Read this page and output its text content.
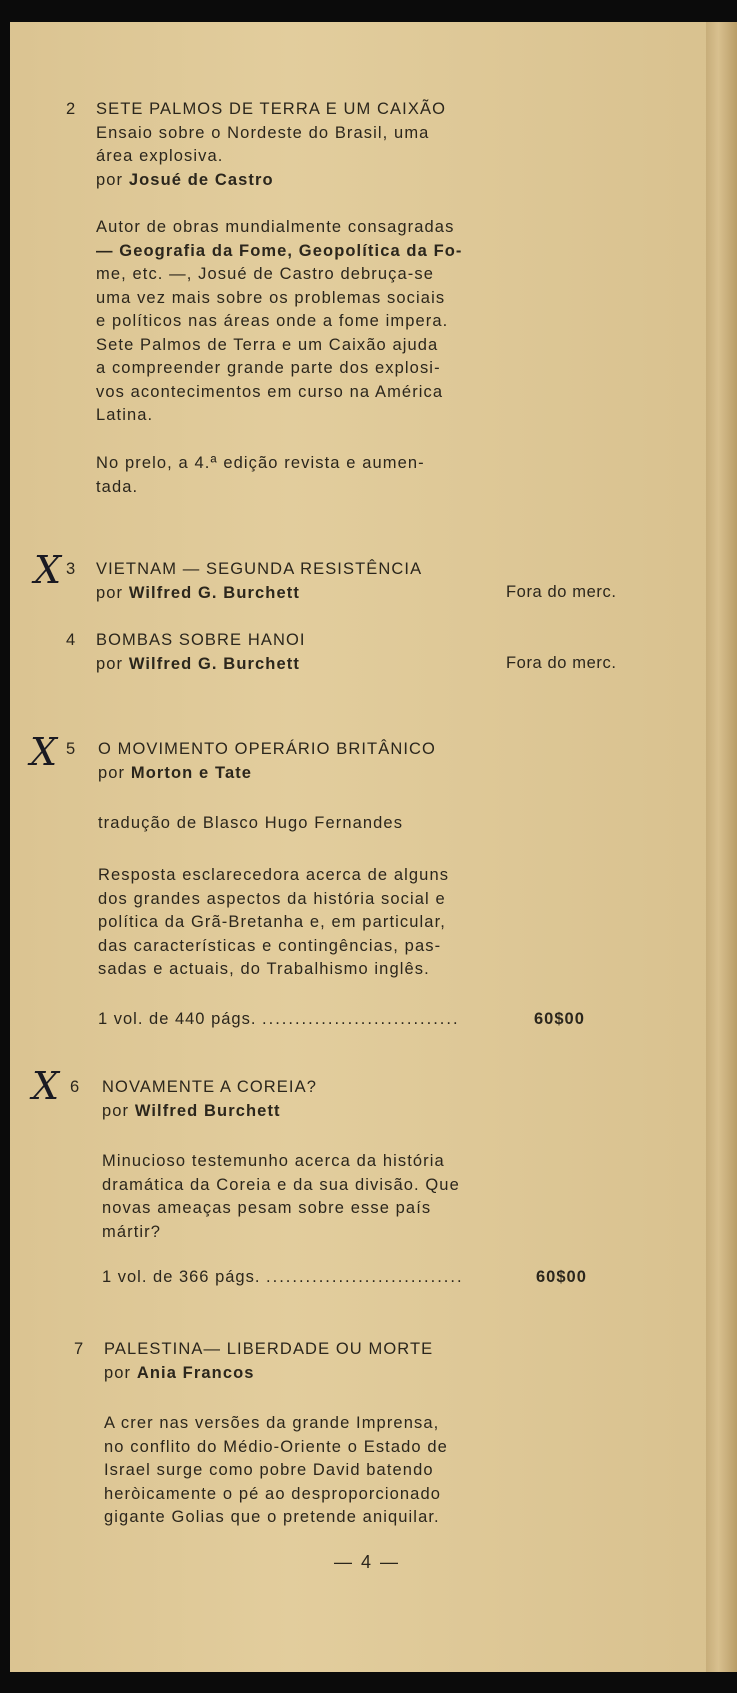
2 SETE PALMOS DE TERRA E UM CAIXÃO
Ensaio sobre o Nordeste do Brasil, uma
área explosiva.
por Josué de Castro
Autor de obras mundialmente consagradas
— Geografia da Fome, Geopolítica da Fo-
me, etc. —, Josué de Castro debruça-se
uma vez mais sobre os problemas sociais
e políticos nas áreas onde a fome impera.
Sete Palmos de Terra e um Caixão ajuda
a compreender grande parte dos explosi-
vos acontecimentos em curso na América
Latina.
No prelo, a 4.ª edição revista e aumen-
tada.
X 3 VIETNAM — SEGUNDA RESISTÊNCIA
por Wilfred G. Burchett	Fora do merc.
4 BOMBAS SOBRE HANOI
por Wilfred G. Burchett	Fora do merc.
X 5 O MOVIMENTO OPERÁRIO BRITÂNICO
por Morton e Tate
tradução de Blasco Hugo Fernandes
Resposta esclarecedora acerca de alguns
dos grandes aspectos da história social e
política da Grã-Bretanha e, em particular,
das características e contingências, pas-
sadas e actuais, do Trabalhismo inglês.
1 vol. de 440 págs. ..............................	60$00
X 6 NOVAMENTE A COREIA?
por Wilfred Burchett
Minucioso testemunho acerca da história
dramática da Coreia e da sua divisão. Que
novas ameaças pesam sobre esse país
mártir?
1 vol. de 366 págs. ..............................	60$00
7 PALESTINA— LIBERDADE OU MORTE
por Ania Francos
A crer nas versões da grande Imprensa,
no conflito do Médio-Oriente o Estado de
Israel surge como pobre David batendo
heròicamente o pé ao desproporcionado
gigante Golias que o pretende aniquilar.
— 4 —
